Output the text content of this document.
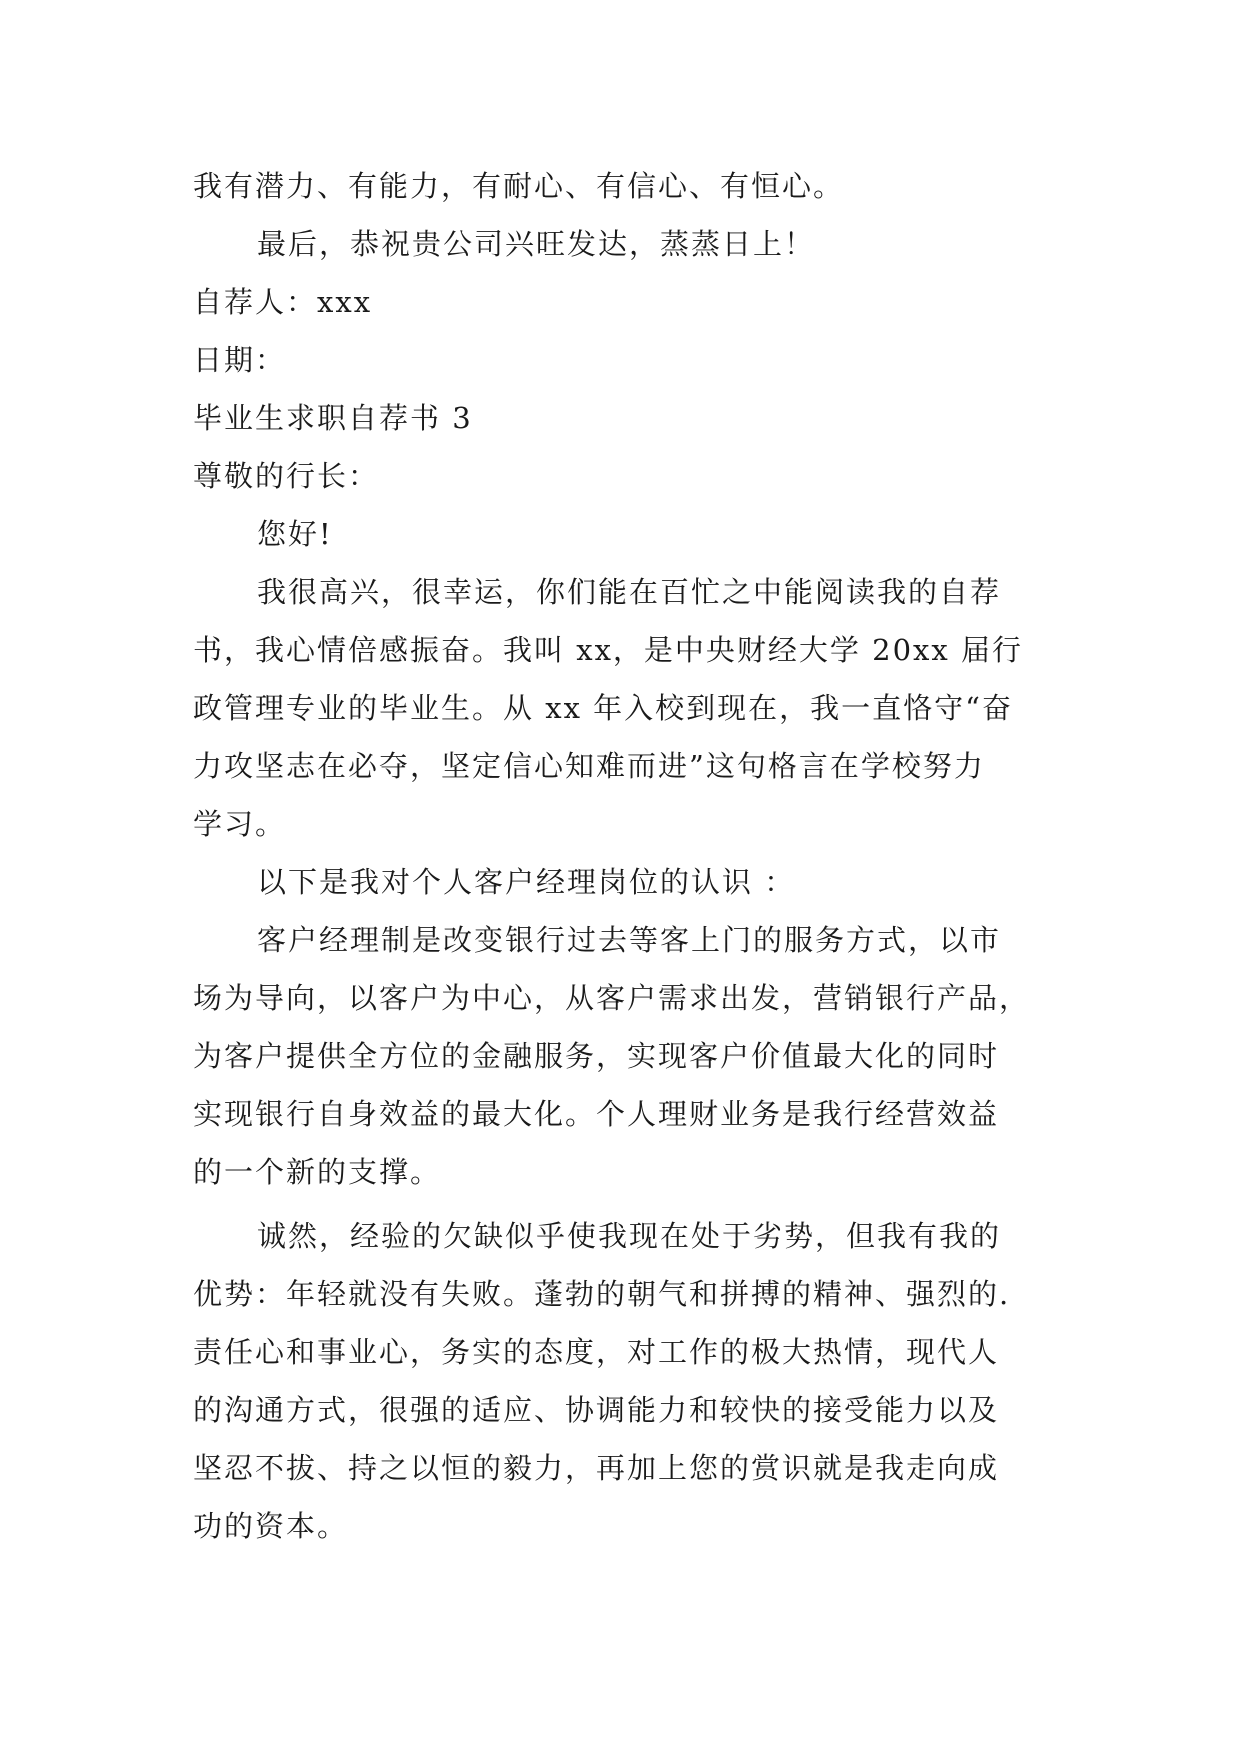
我有潜力、有能力，有耐心、有信心、有恒心。
最后，恭祝贵公司兴旺发达，蒸蒸日上！
自荐人：xxx
日期：
毕业生求职自荐书 3
尊敬的行长：
您好!
我很高兴，很幸运，你们能在百忙之中能阅读我的自荐
书，我心情倍感振奋。我叫 xx，是中央财经大学 20xx 届行
政管理专业的毕业生。从 xx 年入校到现在，我一直恪守“奋
力攻坚志在必夺，坚定信心知难而进”这句格言在学校努力
学习。
以下是我对个人客户经理岗位的认识 ：
客户经理制是改变银行过去等客上门的服务方式，以市
场为导向，以客户为中心，从客户需求出发，营销银行产品，
为客户提供全方位的金融服务，实现客户价值最大化的同时
实现银行自身效益的最大化。个人理财业务是我行经营效益
的一个新的支撑。
诚然，经验的欠缺似乎使我现在处于劣势，但我有我的
优势：年轻就没有失败。蓬勃的朝气和拼搏的精神、强烈的.
责任心和事业心，务实的态度，对工作的极大热情，现代人
的沟通方式，很强的适应、协调能力和较快的接受能力以及
坚忍不拔、持之以恒的毅力，再加上您的赏识就是我走向成
功的资本。
